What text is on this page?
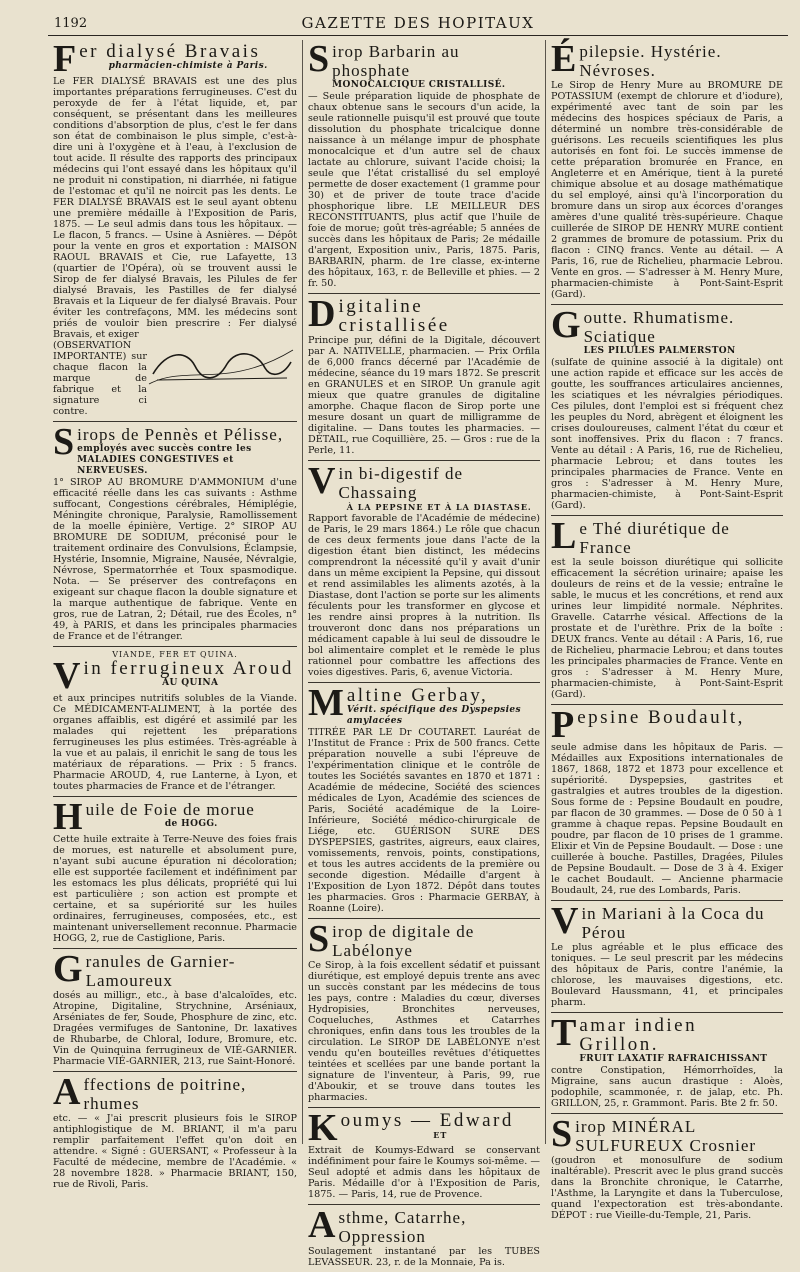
1192	GAZETTE DES HOPITAUX
F er dialysé Bravais
pharmacien-chimiste à Paris.
Le FER DIALYSÉ BRAVAIS est une des plus importantes préparations ferrugineuses. C'est du peroxyde de fer à l'état liquide, et, par conséquent, se présentant dans les meilleures conditions d'absorption de plus, c'est le fer dans son état de combinaison le plus simple, c'est-à-dire uni à l'oxygène et à l'eau, à l'exclusion de tout acide. Il résulte des rapports des principaux médecins qui l'ont essayé dans les hôpitaux qu'il ne produit ni constipation, ni diarrhée, ni fatigue de l'estomac et qu'il ne noircit pas les dents. Le FER DIALYSÉ BRAVAIS est le seul ayant obtenu une première médaille à l'Exposition de Paris, 1875. — Le seul admis dans tous les hôpitaux. — Le flacon, 5 francs. — Usine à Asnières. — Dépôt pour la vente en gros et exportation : MAISON RAOUL BRAVAIS et Cie, rue Lafayette, 13 (quartier de l'Opéra), où se trouvent aussi le Sirop de fer dialysé Bravais, les Pilules de fer dialysé Bravais, les Pastilles de fer dialysé Bravais et la Liqueur de fer dialysé Bravais. Pour éviter les contrefaçons, MM. les médecins sont priés de vouloir bien prescrire : Fer dialysé Bravais, et exiger
(OBSERVATION IMPORTANTE) sur chaque flacon la marque de fabrique et la signature ci contre.
S irops de Pennès et Pélisse,
employés avec succès contre les MALADIES CONGESTIVES et NERVEUSES.
1° SIROP AU BROMURE D'AMMONIUM d'une efficacité réelle dans les cas suivants : Asthme suffocant, Congestions cérébrales, Hémiplégie, Méningite chronique, Paralysie, Ramollissement de la moelle épinière, Vertige. 2° SIROP AU BROMURE DE SODIUM, préconisé pour le traitement ordinaire des Convulsions, Éclampsie, Hystérie, Insomnie, Migraine, Nausée, Névralgie, Névrose, Spermatorrhée et Toux spasmodique. Nota. — Se préserver des contrefaçons en exigeant sur chaque flacon la double signature et la marque authentique de fabrique. Vente en gros, rue de Latran, 2; Détail, rue des Écoles, n° 49, à PARIS, et dans les principales pharmacies de France et de l'étranger.
VIANDE, FER ET QUINA.
V in ferrugineux Aroud
AU QUINA
et aux principes nutritifs solubles de la Viande. Ce MÉDICAMENT-ALIMENT, à la portée des organes affaiblis, est digéré et assimilé par les malades qui rejettent les préparations ferrugineuses les plus estimées. Très-agréable à la vue et au palais, il enrichit le sang de tous les matériaux de réparations. — Prix : 5 francs. Pharmacie AROUD, 4, rue Lanterne, à Lyon, et toutes pharmacies de France et de l'étranger.
H uile de Foie de morue
de HOGG.
Cette huile extraite à Terre-Neuve des foies frais de morues, est naturelle et absolument pure, n'ayant subi aucune épuration ni décoloration; elle est supportée facilement et indéfiniment par les estomacs les plus délicats, propriété qui lui est particulière ; son action est prompte et certaine, et sa supériorité sur les huiles ordinaires, ferrugineuses, composées, etc., est maintenant universellement reconnue. Pharmacie HOGG, 2, rue de Castiglione, Paris.
G ranules de Garnier-Lamoureux
dosés au milligr., etc., à base d'alcaloïdes, etc. Atropine, Digitaline, Strychnine, Arséniaux, Arséniates de fer, Soude, Phosphure de zinc, etc. Dragées vermifuges de Santonine, Dr. laxatives de Rhubarbe, de Chloral, Iodure, Bromure, etc. Vin de Quinquina ferrugineux de VIÉ-GARNIER. Pharmacie VIÉ-GARNIER, 213, rue Saint-Honoré.
A ffections de poitrine, rhumes
etc. — « J'ai prescrit plusieurs fois le SIROP antiphlogistique de M. BRIANT, il m'a paru remplir parfaitement l'effet qu'on doit en attendre. « Signé : GUERSANT, « Professeur à la Faculté de médecine, membre de l'Académie. « 28 novembre 1828. » Pharmacie BRIANT, 150, rue de Rivoli, Paris.
S irop Barbarin au phosphate
MONOCALCIQUE CRISTALLISÉ.
— Seule préparation liquide de phosphate de chaux obtenue sans le secours d'un acide, la seule rationnelle puisqu'il est prouvé que toute dissolution du phosphate tricalcique donne naissance à un mélange impur de phosphate monocalcique et d'un autre sel de chaux lactate au chlorure, suivant l'acide choisi; la seule que l'état cristallisé du sel employé permette de doser exactement (1 gramme pour 30) et de priver de toute trace d'acide phosphorique libre. LE MEILLEUR DES RECONSTITUANTS, plus actif que l'huile de foie de morue; goût très-agréable; 5 années de succès dans les hôpitaux de Paris; 2e médaille d'argent, Exposition univ., Paris, 1875. Paris, BARBARIN, pharm. de 1re classe, ex-interne des hôpitaux, 163, r. de Belleville et phies. — 2 fr. 50.
D igitaline cristallisée
Principe pur, défini de la Digitale, découvert par A. NATIVELLE, pharmacien. — Prix Orfila de 6,000 francs décerné par l'Académie de médecine, séance du 19 mars 1872. Se prescrit en GRANULES et en SIROP. Un granule agit mieux que quatre granules de digitaline amorphe. Chaque flacon de Sirop porte une mesure dosant un quart de milligramme de digitaline. — Dans toutes les pharmacies. — DÉTAIL, rue Coquillière, 25. — Gros : rue de la Perle, 11.
V in bi-digestif de Chassaing
À LA PEPSINE ET À LA DIASTASE.
Rapport favorable de l'Académie de médecine) de Paris, le 29 mars 1864.) Le rôle que chacun de ces deux ferments joue dans l'acte de la digestion étant bien distinct, les médecins comprendront la nécessité qu'il y avait d'unir dans un même excipient la Pepsine, qui dissout et rend assimilables les aliments azotés, à la Diastase, dont l'action se porte sur les aliments féculents pour les transformer en glycose et les rendre ainsi propres à la nutrition. Ils trouveront donc dans nos préparations un médicament capable à lui seul de dissoudre le bol alimentaire complet et le remède le plus rationnel pour combattre les affections des voies digestives. Paris, 6, avenue Victoria.
M altine Gerbay,
Vérit. spécifique des Dyspepsies amylacées
TITRÉE PAR LE Dr COUTARET. Lauréat de l'Institut de France : Prix de 500 francs. Cette préparation nouvelle a subi l'épreuve de l'expérimentation clinique et le contrôle de toutes les Sociétés savantes en 1870 et 1871 : Académie de médecine, Société des sciences médicales de Lyon, Académie des sciences de Paris, Société académique de la Loire-Inférieure, Société médico-chirurgicale de Liége, etc. GUÉRISON SURE DES DYSPEPSIES, gastrites, aigreurs, eaux claires, vomissements, renvois, points, constipations, et tous les autres accidents de la première ou seconde digestion. Médaille d'argent à l'Exposition de Lyon 1872. Dépôt dans toutes les pharmacies. Gros : Pharmacie GERBAY, à Roanne (Loire).
S irop de digitale de Labélonye
Ce Sirop, à la fois excellent sédatif et puissant diurétique, est employé depuis trente ans avec un succès constant par les médecins de tous les pays, contre : Maladies du cœur, diverses Hydropisies, Bronchites nerveuses, Coqueluches, Asthmes et Catarrhes chroniques, enfin dans tous les troubles de la circulation. Le SIROP DE LABÉLONYE n'est vendu qu'en bouteilles revêtues d'étiquettes teintées et scellées par une bande portant la signature de l'inventeur, à Paris, 99, rue d'Aboukir, et se trouve dans toutes les pharmacies.
K oumys — Edward
ET
Extrait de Koumys-Edward se conservant indéfiniment pour faire le Koumys soi-même. — Seul adopté et admis dans les hôpitaux de Paris. Médaille d'or à l'Exposition de Paris, 1875. — Paris, 14, rue de Provence.
A sthme, Catarrhe, Oppression
Soulagement instantané par les TUBES LEVASSEUR. 23, r. de la Monnaie, Pa is.
É pilepsie. Hystérie. Névroses.
Le Sirop de Henry Mure au BROMURE DE POTASSIUM (exempt de chlorure et d'iodure), expérimenté avec tant de soin par les médecins des hospices spéciaux de Paris, a déterminé un nombre très-considérable de guérisons. Les recueils scientifiques les plus autorisés en font foi. Le succès immense de cette préparation bromurée en France, en Angleterre et en Amérique, tient à la pureté chimique absolue et au dosage mathématique du sel employé, ainsi qu'à l'incorporation du bromure dans un sirop aux écorces d'oranges amères d'une qualité très-supérieure. Chaque cuillerée de SIROP DE HENRY MURE contient 2 grammes de bromure de potassium. Prix du flacon : CINQ francs. Vente au détail. — A Paris, 16, rue de Richelieu, pharmacie Lebrou. Vente en gros. — S'adresser à M. Henry Mure, pharmacien-chimiste à Pont-Saint-Esprit (Gard).
G outte. Rhumatisme. Sciatique
LES PILULES PALMERSTON
(sulfate de quinine associé à la digitale) ont une action rapide et efficace sur les accès de goutte, les souffrances articulaires anciennes, les sciatiques et les névralgies périodiques. Ces pilules, dont l'emploi est si fréquent chez les peuples du Nord, abrègent et éloignent les crises douloureuses, calment l'état du cœur et sont inoffensives. Prix du flacon : 7 francs. Vente au détail : A Paris, 16, rue de Richelieu, pharmacie Lebrou; et dans toutes les principales pharmacies de France. Vente en gros : S'adresser à M. Henry Mure, pharmacien-chimiste, à Pont-Saint-Esprit (Gard).
L e Thé diurétique de France
est la seule boisson diurétique qui sollicite efficacement la sécrétion urinaire; apaise les douleurs de reins et de la vessie; entraîne le sable, le mucus et les concrétions, et rend aux urines leur limpidité normale. Néphrites. Gravelle. Catarrhe vésical. Affections de la prostate et de l'urèthre. Prix de la boîte : DEUX francs. Vente au détail : A Paris, 16, rue de Richelieu, pharmacie Lebrou; et dans toutes les principales pharmacies de France. Vente en gros : S'adresser à M. Henry Mure, pharmacien-chimiste, à Pont-Saint-Esprit (Gard).
P epsine Boudault,
seule admise dans les hôpitaux de Paris. — Médailles aux Expositions internationales de 1867, 1868, 1872 et 1873 pour excellence et supériorité. Dyspepsies, gastrites et gastralgies et autres troubles de la digestion. Sous forme de : Pepsine Boudault en poudre, par flacon de 30 grammes. — Dose de 0 50 à 1 gramme à chaque repas. Pepsine Boudault en poudre, par flacon de 10 prises de 1 gramme. Elixir et Vin de Pepsine Boudault. — Dose : une cuillerée à bouche. Pastilles, Dragées, Pilules de Pepsine Boudault. — Dose de 3 à 4. Exiger le cachet Boudault. — Ancienne pharmacie Boudault, 24, rue des Lombards, Paris.
V in Mariani à la Coca du Pérou
Le plus agréable et le plus efficace des toniques. — Le seul prescrit par les médecins des hôpitaux de Paris, contre l'anémie, la chlorose, les mauvaises digestions, etc. Boulevard Haussmann, 41, et principales pharm.
T amar indien Grillon.
FRUIT LAXATIF RAFRAICHISSANT
contre Constipation, Hémorrhoïdes, la Migraine, sans aucun drastique : Aloès, podophile, scammonée, r. de jalap, etc. Ph. GRILLON, 25, r. Grammont. Paris. Bte 2 fr. 50.
S irop MINÉRAL SULFUREUX Crosnier
(goudron et monosulfure de sodium inaltérable). Prescrit avec le plus grand succès dans la Bronchite chronique, le Catarrhe, l'Asthme, la Laryngite et dans la Tuberculose, quand l'expectoration est très-abondante. DÉPOT : rue Vieille-du-Temple, 21, Paris.
